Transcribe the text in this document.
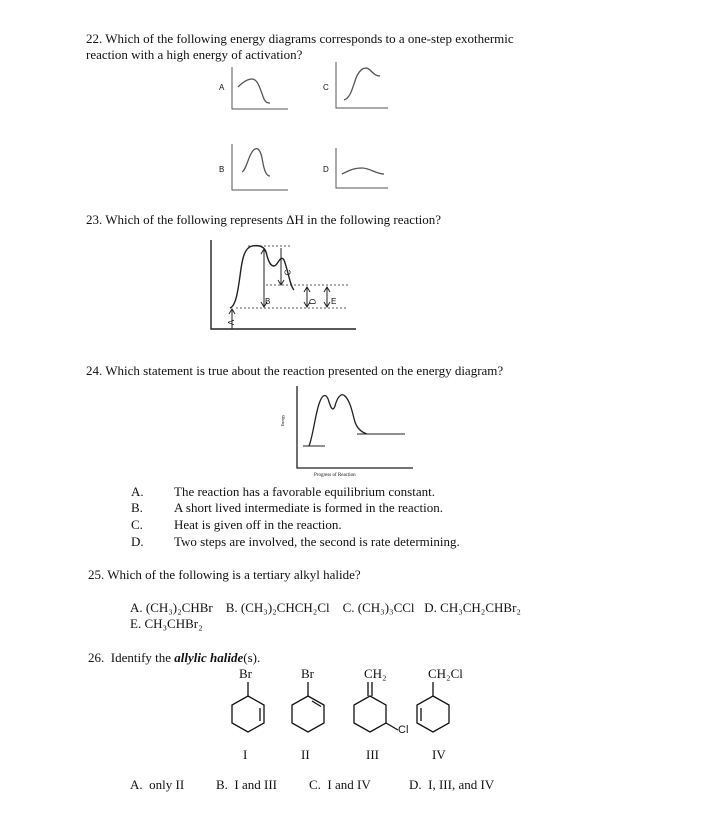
22. Which of the following energy diagrams corresponds to a one-step exothermic
reaction with a high energy of activation?
A	C
B	D
23. Which of the following represents ΔH in the following reaction?
A
B
C
D E
24. Which statement is true about the reaction presented on the energy diagram?
Energy
Progress of Reaction
A.	The reaction has a favorable equilibrium constant.
B.	A short lived intermediate is formed in the reaction.
C.	Heat is given off in the reaction.
D.	Two steps are involved, the second is rate determining.
25. Which of the following is a tertiary alkyl halide?
A. (CH₃)₂CHBr    B. (CH₃)₂CHCH₂Cl    C. (CH₃)₃CCl   D. CH₃CH₂CHBr₂
E. CH₃CHBr₂
26.  Identify the allylic halide(s).
Br	Br	CH₂	CH₂Cl
Cl
I	II	III	IV
A.  only II B.  I and III C.  I and IV	D.  I, III, and IV
